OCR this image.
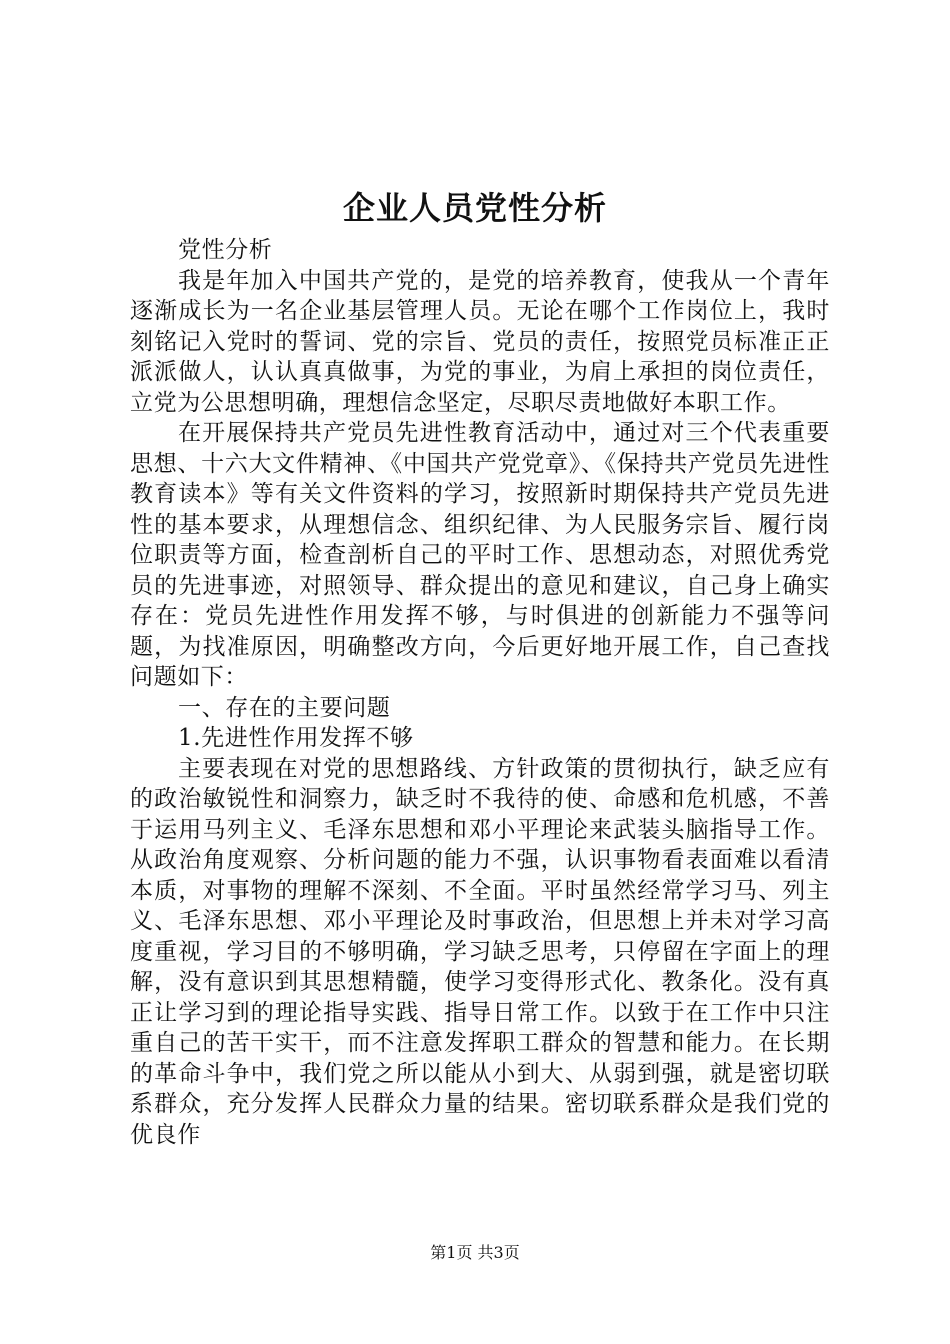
企业人员党性分析

党性分析

我是年加入中国共产党的，是党的培养教育，使我从一个青年逐渐成长为一名企业基层管理人员。无论在哪个工作岗位上，我时刻铭记入党时的誓词、党的宗旨、党员的责任，按照党员标准正正派派做人，认认真真做事，为党的事业，为肩上承担的岗位责任，立党为公思想明确，理想信念坚定，尽职尽责地做好本职工作。

在开展保持共产党员先进性教育活动中，通过对三个代表重要思想、十六大文件精神、《中国共产党党章》、《保持共产党员先进性教育读本》等有关文件资料的学习，按照新时期保持共产党员先进性的基本要求，从理想信念、组织纪律、为人民服务宗旨、履行岗位职责等方面，检查剖析自己的平时工作、思想动态，对照优秀党员的先进事迹，对照领导、群众提出的意见和建议，自己身上确实存在：党员先进性作用发挥不够，与时俱进的创新能力不强等问题，为找准原因，明确整改方向，今后更好地开展工作，自己查找问题如下：

一、存在的主要问题

1.先进性作用发挥不够

主要表现在对党的思想路线、方针政策的贯彻执行，缺乏应有的政治敏锐性和洞察力，缺乏时不我待的使、命感和危机感，不善于运用马列主义、毛泽东思想和邓小平理论来武装头脑指导工作。从政治角度观察、分析问题的能力不强，认识事物看表面难以看清本质，对事物的理解不深刻、不全面。平时虽然经常学习马、列主义、毛泽东思想、邓小平理论及时事政治，但思想上并未对学习高度重视，学习目的不够明确，学习缺乏思考，只停留在字面上的理解，没有意识到其思想精髓，使学习变得形式化、教条化。没有真正让学习到的理论指导实践、指导日常工作。以致于在工作中只注重自己的苦干实干，而不注意发挥职工群众的智慧和能力。在长期的革命斗争中，我们党之所以能从小到大、从弱到强，就是密切联系群众，充分发挥人民群众力量的结果。密切联系群众是我们党的优良作

第1页 共3页
